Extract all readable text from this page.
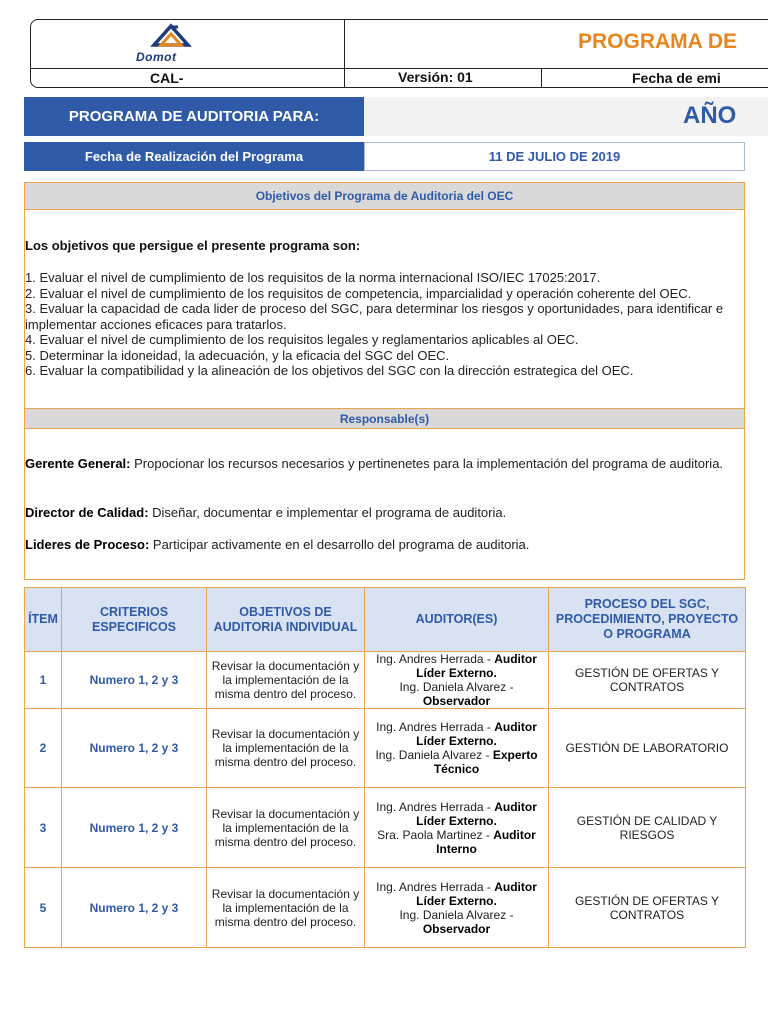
Domot
PROGRAMA DE
CAL-	Versión: 01	Fecha de emi
PROGRAMA DE AUDITORIA PARA:	AÑO
Fecha de Realización del Programa	11 DE JULIO DE 2019
Objetivos del Programa de Auditoria del OEC
Los objetivos que persigue el presente programa son:
1. Evaluar el nivel de cumplimiento de los requisitos de la norma internacional ISO/IEC 17025:2017.
2. Evaluar el nivel de cumplimiento de los requisitos de competencia, imparcialidad y operación coherente del OEC.
3. Evaluar la capacidad de cada lider de proceso del SGC, para determinar los riesgos y oportunidades, para identificar e implementar acciones eficaces para tratarlos.
4. Evaluar el nivel de cumplimiento de los requisitos legales y reglamentarios aplicables al OEC.
5. Determinar la idoneidad, la adecuación, y la eficacia del SGC del OEC.
6. Evaluar la compatibilidad y la alineación de los objetivos del SGC con la dirección estrategica del OEC.
Responsable(s)
Gerente General: Propocionar los recursos necesarios y pertinenetes para la implementación del programa de auditoria.
Director de Calidad: Diseñar, documentar e implementar el programa de auditoria.
Lideres de Proceso: Participar activamente en el desarrollo del programa de auditoria.
ÍTEM	CRITERIOS ESPECIFICOS	OBJETIVOS DE AUDITORIA INDIVIDUAL	AUDITOR(ES)	PROCESO DEL SGC, PROCEDIMIENTO, PROYECTO O PROGRAMA
1	Numero 1, 2 y 3	Revisar la documentación y la implementación de la misma dentro del proceso.	Ing. Andres Herrada - Auditor Líder Externo.
Ing. Daniela Alvarez - Observador	GESTIÓN DE OFERTAS Y CONTRATOS
2	Numero 1, 2 y 3	Revisar la documentación y la implementación de la misma dentro del proceso.	Ing. Andres Herrada - Auditor Líder Externo.
Ing. Daniela Alvarez - Experto Técnico	GESTIÓN DE LABORATORIO
3	Numero 1, 2 y 3	Revisar la documentación y la implementación de la misma dentro del proceso.	Ing. Andres Herrada - Auditor Líder Externo.
Sra. Paola Martinez - Auditor Interno	GESTIÓN DE CALIDAD Y RIESGOS
5	Numero 1, 2 y 3	Revisar la documentación y la implementación de la misma dentro del proceso.	Ing. Andres Herrada - Auditor Líder Externo.
Ing. Daniela Alvarez - Observador	GESTIÓN DE OFERTAS Y CONTRATOS
